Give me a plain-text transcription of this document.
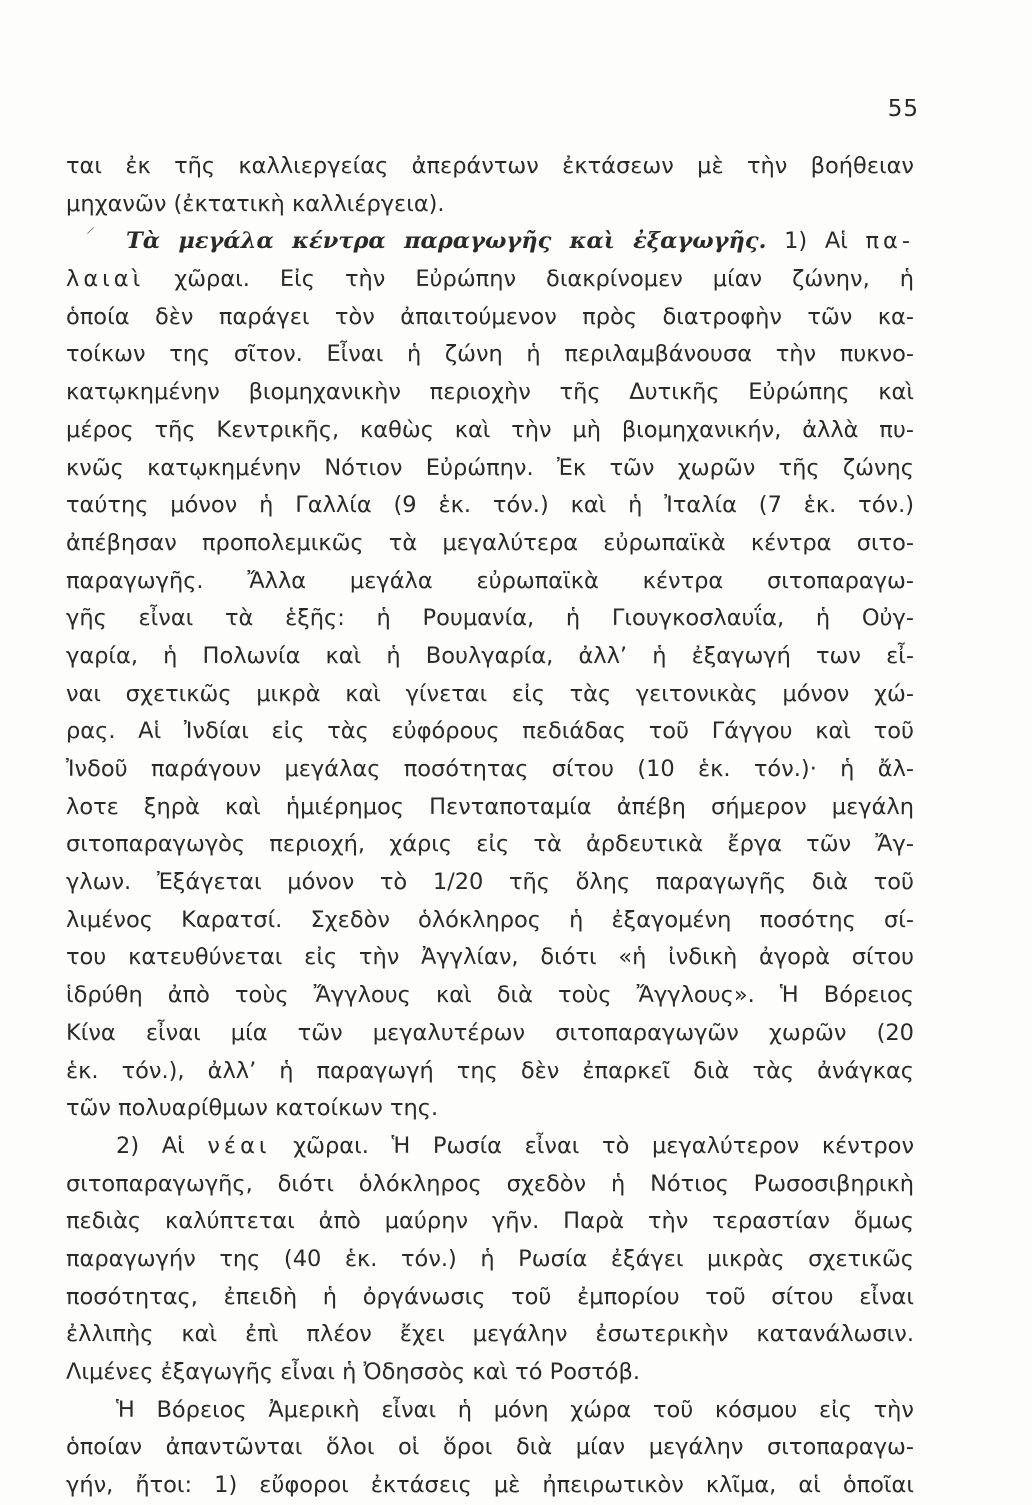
55
⸍
ται ἐκ τῆς καλλιεργείας ἀπεράντων ἐκτάσεων μὲ τὴν βοήθειαν
μηχανῶν (ἐκτατικὴ καλλιέργεια).
Τὰ μεγάλα κέντρα παραγωγῆς καὶ ἐξαγωγῆς. 1) Αἱ πα-
λαιαὶ χῶραι. Εἰς τὴν Εὐρώπην διακρίνομεν μίαν ζώνην, ἡ
ὁποία δὲν παράγει τὸν ἀπαιτούμενον πρὸς διατροφὴν τῶν κα-
τοίκων της σῖτον. Εἶναι ἡ ζώνη ἡ περιλαμβάνουσα τὴν πυκνο-
κατῳκημένην βιομηχανικὴν περιοχὴν τῆς Δυτικῆς Εὐρώπης καὶ
μέρος τῆς Κεντρικῆς, καθὼς καὶ τὴν μὴ βιομηχανικήν, ἀλλὰ πυ-
κνῶς κατῳκημένην Νότιον Εὐρώπην. Ἐκ τῶν χωρῶν τῆς ζώνης
ταύτης μόνον ἡ Γαλλία (9 ἑκ. τόν.) καὶ ἡ Ἰταλία (7 ἑκ. τόν.)
ἀπέβησαν προπολεμικῶς τὰ μεγαλύτερα εὐρωπαϊκὰ κέντρα σιτο-
παραγωγῆς. Ἄλλα μεγάλα εὐρωπαϊκὰ κέντρα σιτοπαραγω-
γῆς εἶναι τὰ ἑξῆς: ἡ Ρουμανία, ἡ Γιουγκοσλαυΐα, ἡ Οὐγ-
γαρία, ἡ Πολωνία καὶ ἡ Βουλγαρία, ἀλλ’ ἡ ἐξαγωγή των εἶ-
ναι σχετικῶς μικρὰ καὶ γίνεται εἰς τὰς γειτονικὰς μόνον χώ-
ρας. Αἱ Ἰνδίαι εἰς τὰς εὐφόρους πεδιάδας τοῦ Γάγγου καὶ τοῦ
Ἰνδοῦ παράγουν μεγάλας ποσότητας σίτου (10 ἑκ. τόν.)· ἡ ἄλ-
λοτε ξηρὰ καὶ ἡμιέρημος Πενταποταμία ἀπέβη σήμερον μεγάλη
σιτοπαραγωγὸς περιοχή, χάρις εἰς τὰ ἀρδευτικὰ ἔργα τῶν Ἄγ-
γλων. Ἐξάγεται μόνον τὸ 1/20 τῆς ὅλης παραγωγῆς διὰ τοῦ
λιμένος Καρατσί. Σχεδὸν ὁλόκληρος ἡ ἐξαγομένη ποσότης σί-
του κατευθύνεται εἰς τὴν Ἀγγλίαν, διότι «ἡ ἰνδικὴ ἀγορὰ σίτου
ἱδρύθη ἀπὸ τοὺς Ἄγγλους καὶ διὰ τοὺς Ἄγγλους». Ἡ Βόρειος
Κίνα εἶναι μία τῶν μεγαλυτέρων σιτοπαραγωγῶν χωρῶν (20
ἑκ. τόν.), ἀλλ’ ἡ παραγωγή της δὲν ἐπαρκεῖ διὰ τὰς ἀνάγκας
τῶν πολυαρίθμων κατοίκων της.
2) Αἱ νέαι χῶραι. Ἡ Ρωσία εἶναι τὸ μεγαλύτερον κέντρον
σιτοπαραγωγῆς, διότι ὁλόκληρος σχεδὸν ἡ Νότιος Ρωσοσιβηρικὴ
πεδιὰς καλύπτεται ἀπὸ μαύρην γῆν. Παρὰ τὴν τεραστίαν ὅμως
παραγωγήν της (40 ἑκ. τόν.) ἡ Ρωσία ἐξάγει μικρὰς σχετικῶς
ποσότητας, ἐπειδὴ ἡ ὀργάνωσις τοῦ ἐμπορίου τοῦ σίτου εἶναι
ἐλλιπὴς καὶ ἐπὶ πλέον ἔχει μεγάλην ἐσωτερικὴν κατανάλωσιν.
Λιμένες ἐξαγωγῆς εἶναι ἡ Ὀδησσὸς καὶ τό Ροστόβ.
Ἡ Βόρειος Ἀμερικὴ εἶναι ἡ μόνη χώρα τοῦ κόσμου εἰς τὴν
ὁποίαν ἀπαντῶνται ὅλοι οἱ ὅροι διὰ μίαν μεγάλην σιτοπαραγω-
γήν, ἤτοι: 1) εὔφοροι ἐκτάσεις μὲ ἠπειρωτικὸν κλῖμα, αἱ ὁποῖαι
